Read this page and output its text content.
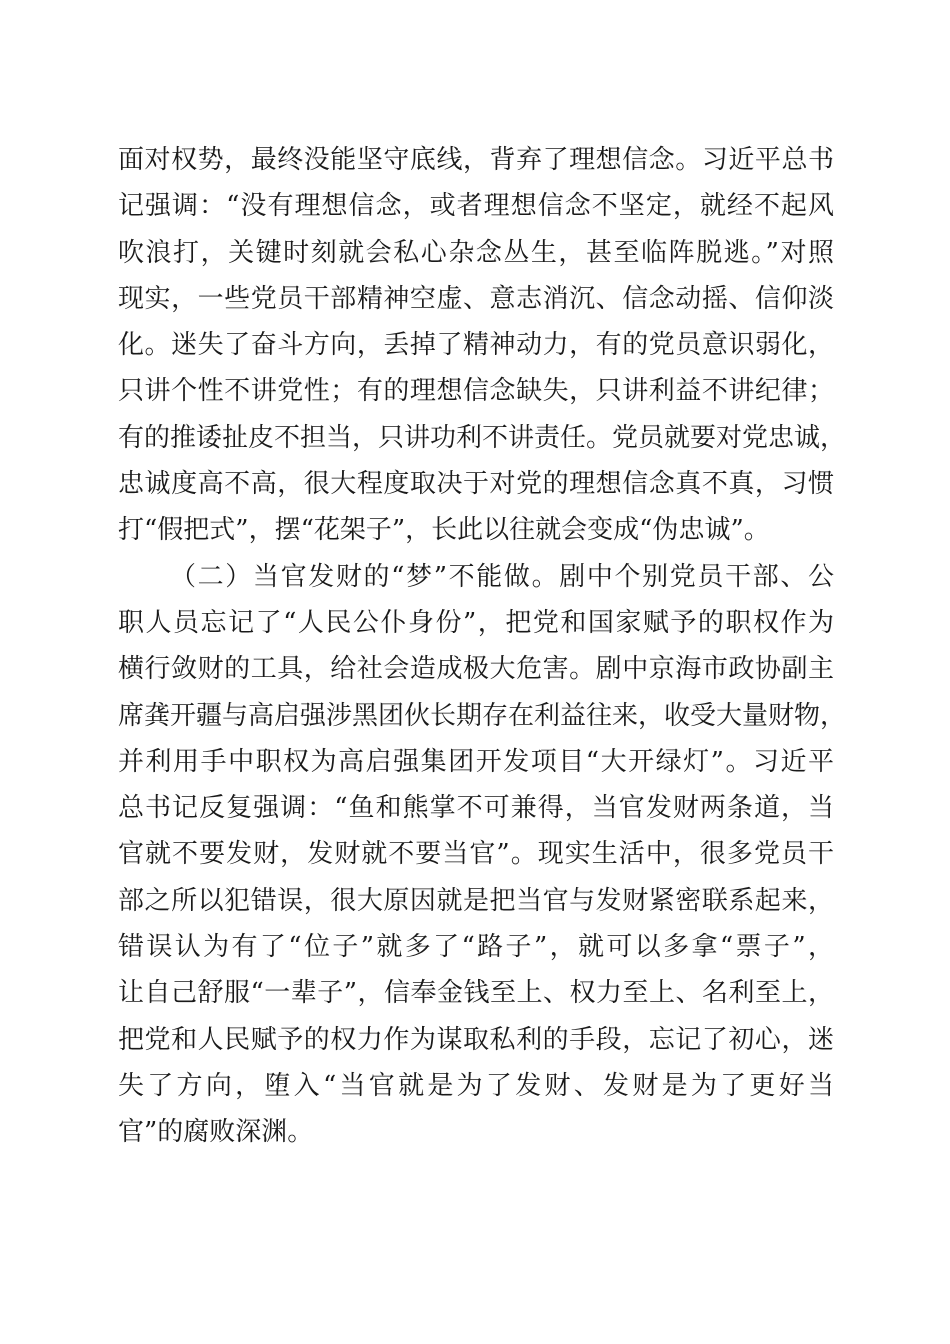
面对权势，最终没能坚守底线，背弃了理想信念。习近平总书
记强调：“没有理想信念，或者理想信念不坚定，就经不起风
吹浪打，关键时刻就会私心杂念丛生，甚至临阵脱逃。”对照
现实，一些党员干部精神空虚、意志消沉、信念动摇、信仰淡
化。迷失了奋斗方向，丢掉了精神动力，有的党员意识弱化，
只讲个性不讲党性；有的理想信念缺失，只讲利益不讲纪律；
有的推诿扯皮不担当，只讲功利不讲责任。党员就要对党忠诚，
忠诚度高不高，很大程度取决于对党的理想信念真不真，习惯
打“假把式”，摆“花架子”，长此以往就会变成“伪忠诚”。
（二）当官发财的“梦”不能做。剧中个别党员干部、公
职人员忘记了“人民公仆身份”，把党和国家赋予的职权作为
横行敛财的工具，给社会造成极大危害。剧中京海市政协副主
席龚开疆与高启强涉黑团伙长期存在利益往来，收受大量财物，
并利用手中职权为高启强集团开发项目“大开绿灯”。习近平
总书记反复强调：“鱼和熊掌不可兼得，当官发财两条道，当
官就不要发财，发财就不要当官”。现实生活中，很多党员干
部之所以犯错误，很大原因就是把当官与发财紧密联系起来，
错误认为有了“位子”就多了“路子”，就可以多拿“票子”，
让自己舒服“一辈子”，信奉金钱至上、权力至上、名利至上，
把党和人民赋予的权力作为谋取私利的手段，忘记了初心，迷
失了方向，堕入“当官就是为了发财、发财是为了更好当
官”的腐败深渊。
